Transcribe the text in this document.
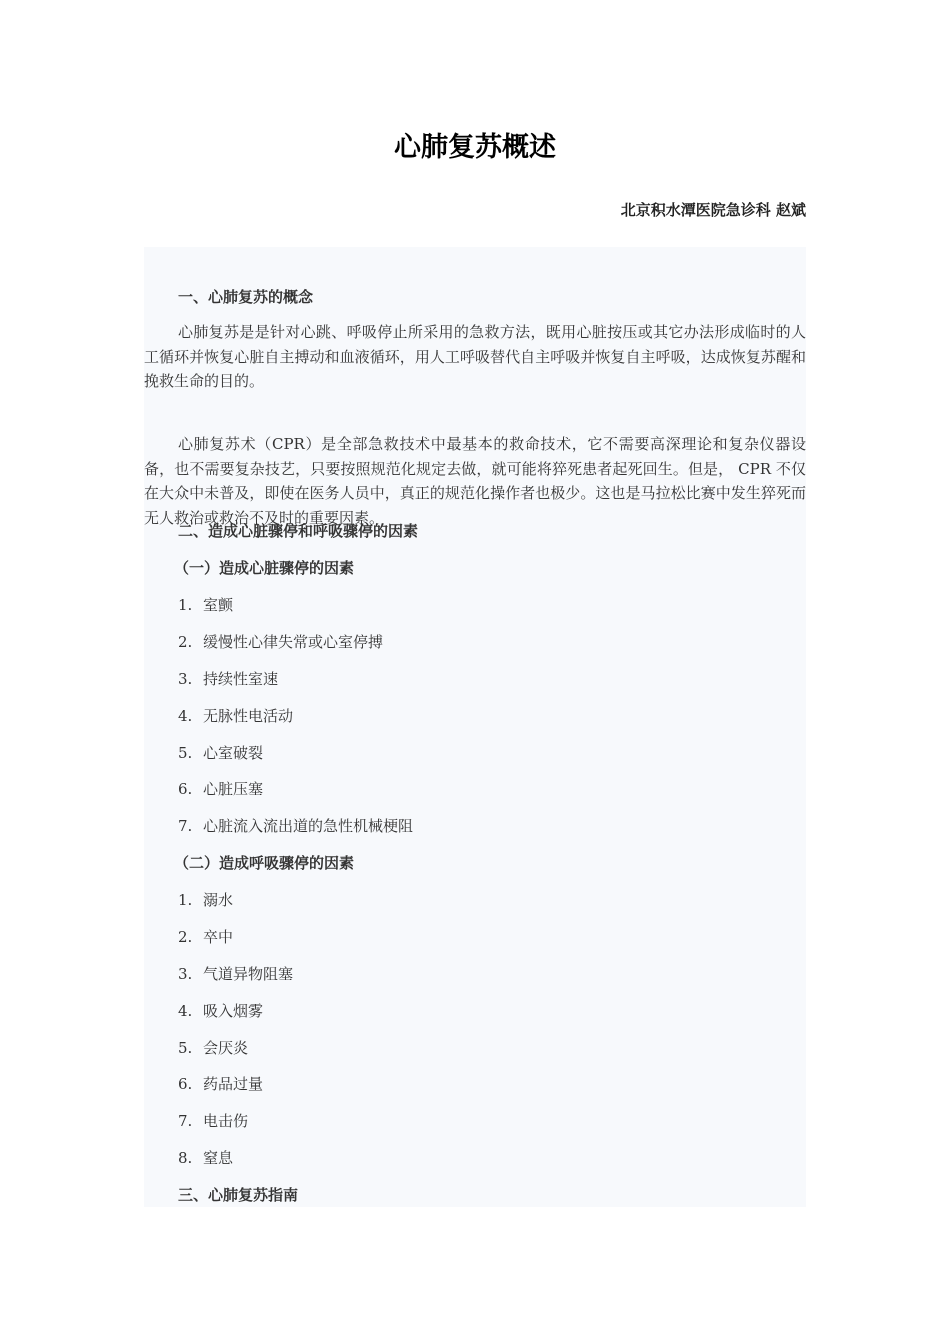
心肺复苏概述
北京积水潭医院急诊科 赵斌
一、心肺复苏的概念

心肺复苏是是针对心跳、呼吸停止所采用的急救方法，既用心脏按压或其它办法形成临时的人工循环并恢复心脏自主搏动和血液循环，用人工呼吸替代自主呼吸并恢复自主呼吸，达成恢复苏醒和挽救生命的目的。

心肺复苏术（CPR）是全部急救技术中最基本的救命技术，它不需要高深理论和复杂仪器设备，也不需要复杂技艺，只要按照规范化规定去做，就可能将猝死患者起死回生。但是， CPR 不仅在大众中未普及，即使在医务人员中，真正的规范化操作者也极少。这也是马拉松比赛中发生猝死而无人救治或救治不及时的重要因素。

二、造成心脏骤停和呼吸骤停的因素
（一）造成心脏骤停的因素
1. 室颤
2. 缓慢性心律失常或心室停搏
3. 持续性室速
4. 无脉性电活动
5. 心室破裂
6. 心脏压塞
7. 心脏流入流出道的急性机械梗阻
（二）造成呼吸骤停的因素
1. 溺水
2. 卒中
3. 气道异物阻塞
4. 吸入烟雾
5. 会厌炎
6. 药品过量
7. 电击伤
8. 窒息
三、心肺复苏指南
